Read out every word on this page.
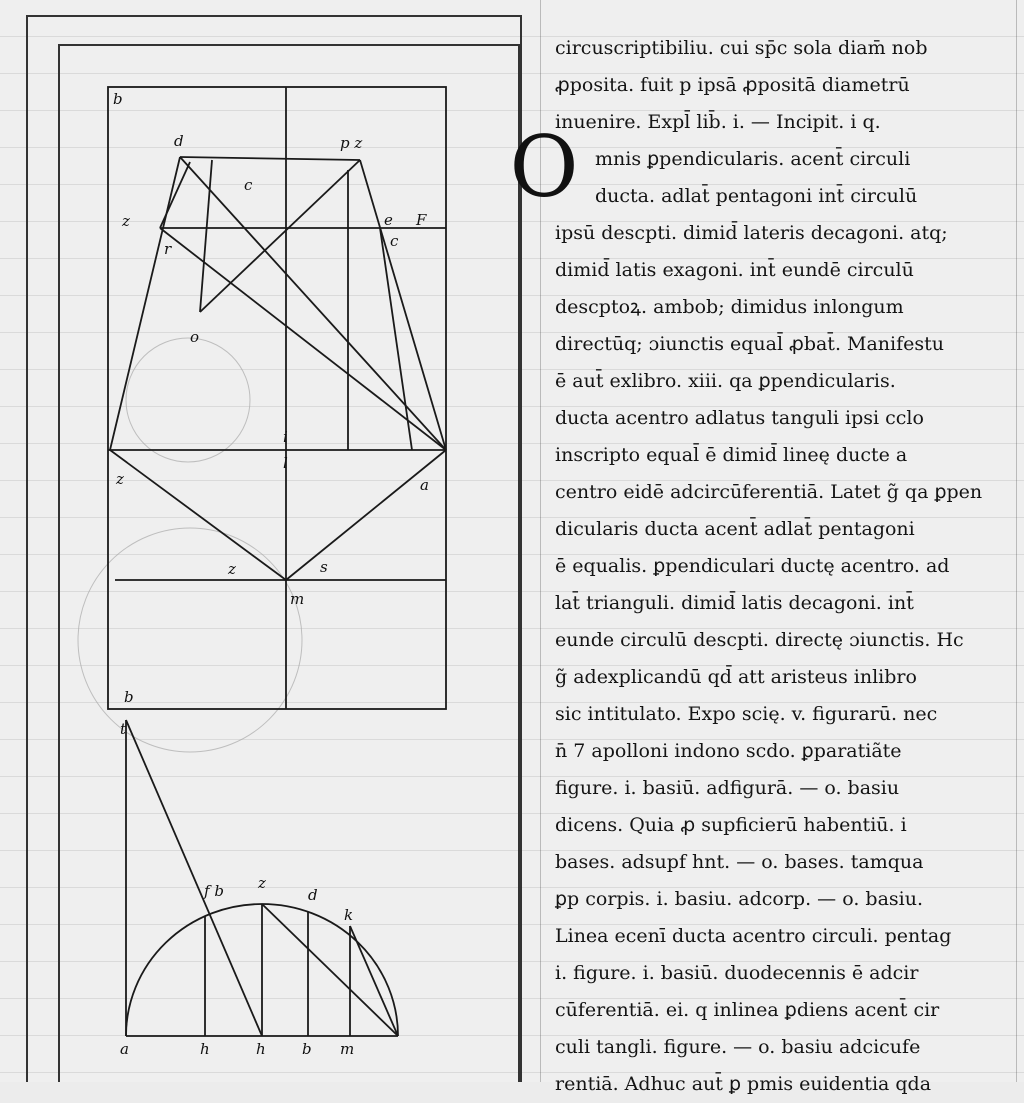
b
d	p z
c
z
r
e F
c
o
i
l
z	a
z	s
m
b
t
f b z
d
k
a	h	h b m
O
circuscriptibiliu. cui sp̄c sola diam̄ nob
ꝓposita. fuit p ipsā ꝓpositā diametrū
inuenire. Expl̄ lib̄. i. — Incipit. i q.
mnis ꝑpendicularis. acent̄ circuli
ducta. adlat̄ pentagoni int̄ circulū
ipsū descpti. dimid̄ lateris decagoni. atq;
dimid̄ latis exagoni. int̄ eundē circulū
descptoꝝ. ambob; dimidus inlongum
directūq; ɔiunctis equal̄ ꝓbat̄. Manifestu
ē aut̄ exlibro. xiii. qa ꝑpendicularis.
ducta acentro adlatus tanguli ipsi cclo
inscripto equal̄ ē dimid̄ lineę ducte a
centro eidē adcircūferentiā. Latet g̃ qa ꝑpen
dicularis ducta acent̄ adlat̄ pentagoni
ē equalis. ꝑpendiculari ductę acentro. ad
lat̄ trianguli. dimid̄ latis decagoni. int̄
eunde circulū descpti. directę ɔiunctis. Hc
g̃ adexplicandū qd̄ att aristeus inlibro
sic intitulato. Expo scię. v. figurarū. nec
n̄ 7 apolloni indono scdo. ꝑparatiãte
figure. i. basiū. adfigurā. — o. basiu
dicens. Quia ꝓ supficierū habentiū. i
bases. adsupf hnt. — o. bases. tamqua
ꝑp corpis. i. basiu. adcorp. — o. basiu.
Linea ecenī ducta acentro circuli. pentag
i. figure. i. basiū. duodecennis ē adcir
cūferentiā. ei. q inlinea ꝑdiens acent̄ cir
culi tangli. figure. — o. basiu adcicufe
rentiā. Adhuc aut̄ ꝑ pmis euidentia qda
